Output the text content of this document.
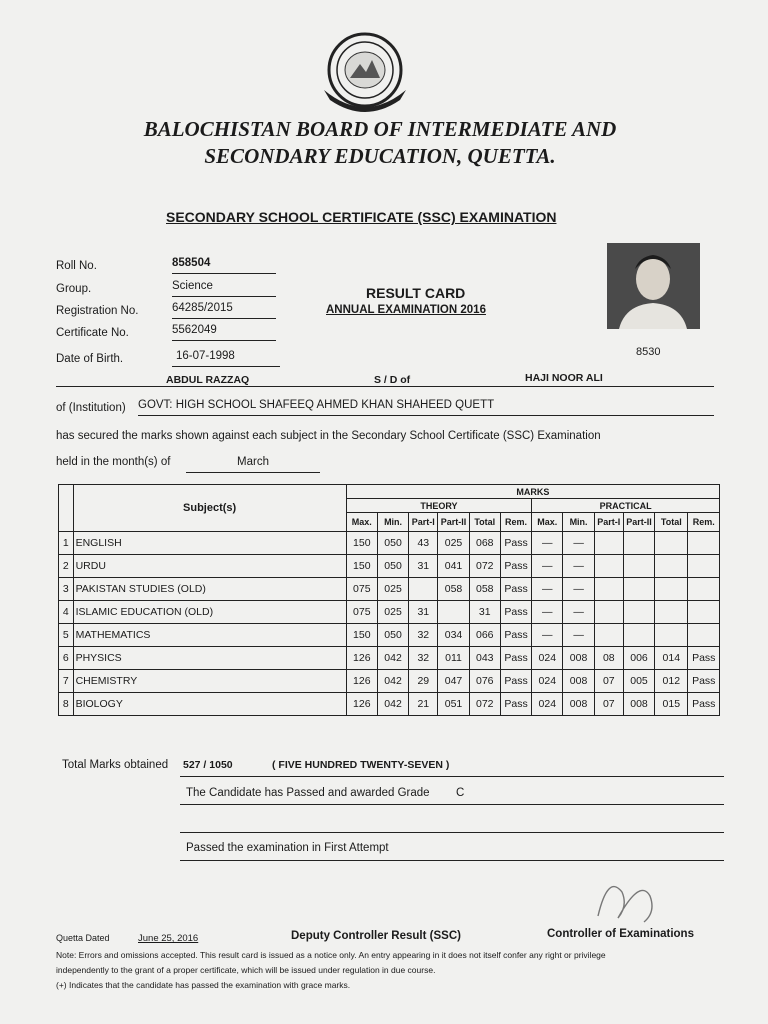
BALOCHISTAN BOARD OF INTERMEDIATE AND
SECONDARY EDUCATION, QUETTA.
SECONDARY SCHOOL CERTIFICATE (SSC) EXAMINATION
Roll No.	858504
Group.	Science
Registration No.	64285/2015
Certificate No.	5562049
Date of Birth.	16-07-1998
RESULT CARD
ANNUAL EXAMINATION 2016
8530
ABDUL RAZZAQ	S / D of	HAJI NOOR ALI
of (Institution) GOVT: HIGH SCHOOL SHAFEEQ AHMED KHAN SHAHEED QUETT
has secured the marks shown against each subject in the Secondary School Certificate (SSC) Examination
held in the month(s) of	March
	Subject(s)	MARKS											
		THEORY						PRACTICAL					
		Max.	Min.	Part-I	Part-II	Total	Rem.	Max.	Min.	Part-I	Part-II	Total	Rem.
1	ENGLISH	150	050	43	025	068	Pass	—	—				
2	URDU	150	050	31	041	072	Pass	—	—				
3	PAKISTAN STUDIES (OLD)	075	025		058	058	Pass	—	—				
4	ISLAMIC EDUCATION (OLD)	075	025	31		31	Pass	—	—				
5	MATHEMATICS	150	050	32	034	066	Pass	—	—				
6	PHYSICS	126	042	32	011	043	Pass	024	008	08	006	014	Pass
7	CHEMISTRY	126	042	29	047	076	Pass	024	008	07	005	012	Pass
8	BIOLOGY	126	042	21	051	072	Pass	024	008	07	008	015	Pass
Total Marks obtained 527 / 1050	( FIVE HUNDRED TWENTY-SEVEN )
The Candidate has Passed and awarded Grade C
Passed the examination in First Attempt
Quetta Dated	June 25, 2016	Deputy Controller Result (SSC)	Controller of Examinations
Note: Errors and omissions accepted. This result card is issued as a notice only. An entry appearing in it does not itself confer any right or privilege
independently to the grant of a proper certificate, which will be issued under regulation in due course.
(+) Indicates that the candidate has passed the examination with grace marks.
